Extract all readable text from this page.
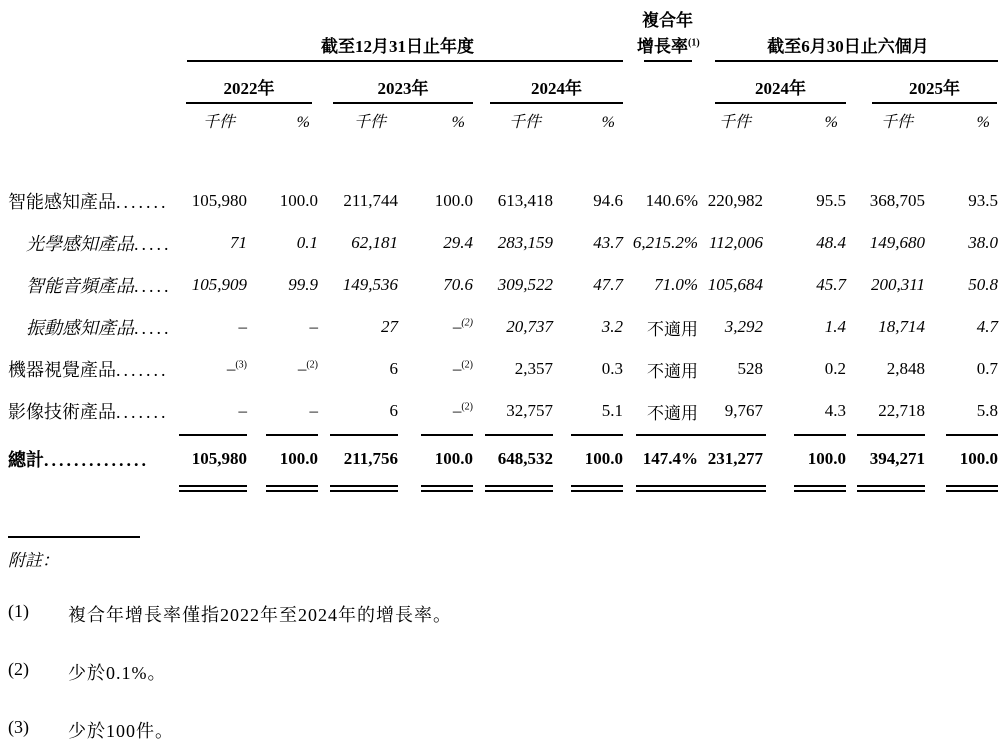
截至12月31日止年度
複合年
增長率$^{(1)}$	截至6月30日止六個月
2022年	2023年	2024年	2024年	2025年
千件	%	千件	%	千件	%	千件	%	千件	%
智能感知產品 .......	105,980	100.0	211,744	100.0	613,418	94.6	140.6% 220,982	95.5	368,705	93.5
光學感知產品 .....	71	0.1	62,181	29.4	283,159	43.7 6,215.2% 112,006	48.4	149,680	38.0
智能音頻產品 .....	105,909	99.9	149,536	70.6	309,522	47.7	71.0% 105,684	45.7	200,311	50.8
振動感知產品 .....	–	–	27	–$^{(2)}$	20,737	3.2	不適用	3,292	1.4	18,714	4.7
機器視覺產品 .......	–$^{(3)}$	–$^{(2)}$	6	–$^{(2)}$	2,357	0.3	不適用	528	0.2	2,848	0.7
影像技術產品 .......	–	–	6	–$^{(2)}$	32,757	5.1	不適用	9,767	4.3	22,718	5.8
總計 ..............	105,980	100.0	211,756	100.0	648,532	100.0	147.4% 231,277	100.0	394,271	100.0
附註：
(1)	複合年增長率僅指2022年至2024年的增長率。
(2)	少於0.1%。
(3)	少於100件。
